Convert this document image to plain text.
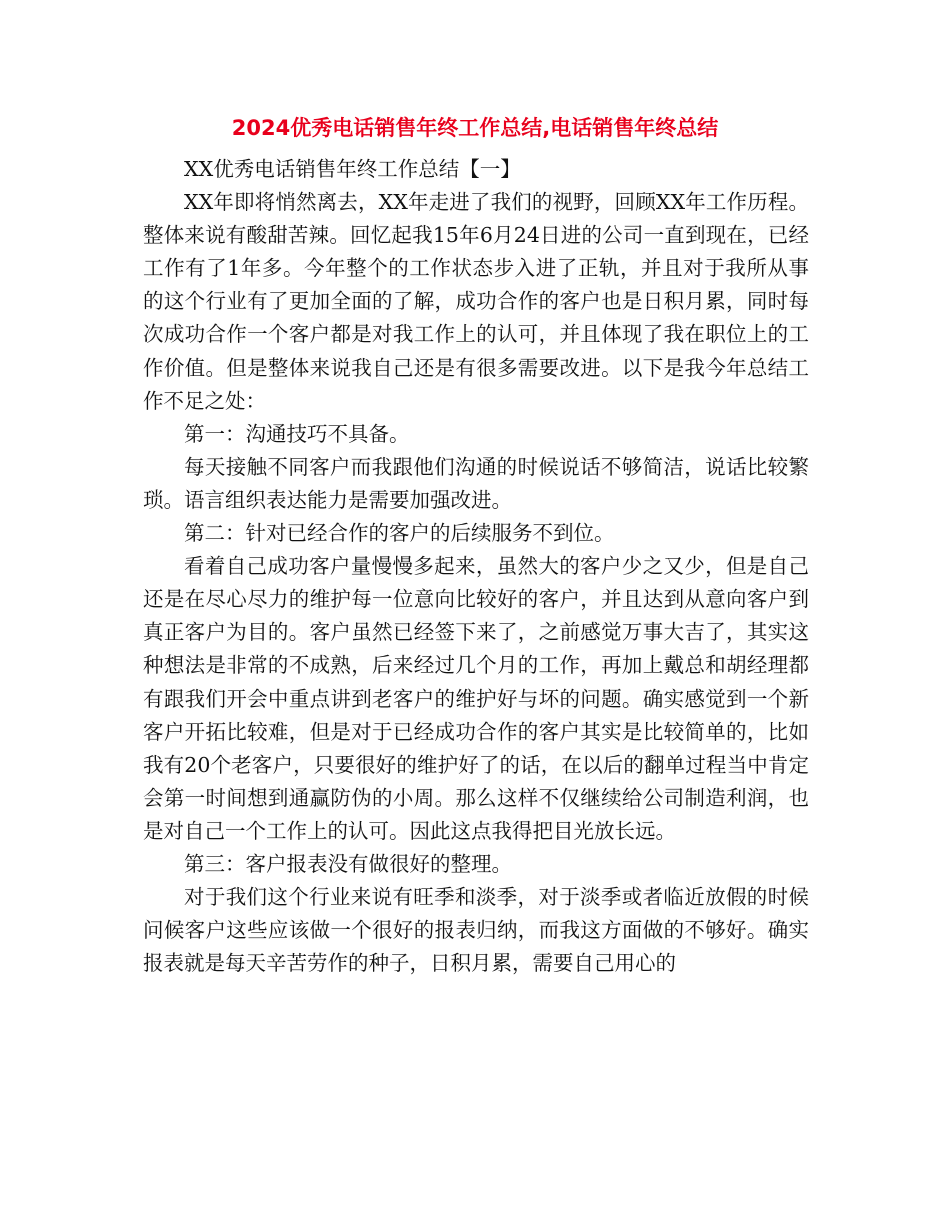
2024优秀电话销售年终工作总结,电话销售年终总结

XX优秀电话销售年终工作总结【一】

XX年即将悄然离去，XX年走进了我们的视野，回顾XX年工作历程。整体来说有酸甜苦辣。回忆起我15年6月24日进的公司一直到现在，已经工作有了1年多。今年整个的工作状态步入进了正轨，并且对于我所从事的这个行业有了更加全面的了解，成功合作的客户也是日积月累，同时每次成功合作一个客户都是对我工作上的认可，并且体现了我在职位上的工作价值。但是整体来说我自己还是有很多需要改进。以下是我今年总结工作不足之处：

第一：沟通技巧不具备。

每天接触不同客户而我跟他们沟通的时候说话不够简洁，说话比较繁琐。语言组织表达能力是需要加强改进。

第二：针对已经合作的客户的后续服务不到位。

看着自己成功客户量慢慢多起来，虽然大的客户少之又少，但是自己还是在尽心尽力的维护每一位意向比较好的客户，并且达到从意向客户到真正客户为目的。客户虽然已经签下来了，之前感觉万事大吉了，其实这种想法是非常的不成熟，后来经过几个月的工作，再加上戴总和胡经理都有跟我们开会中重点讲到老客户的维护好与坏的问题。确实感觉到一个新客户开拓比较难，但是对于已经成功合作的客户其实是比较简单的，比如我有20个老客户，只要很好的维护好了的话，在以后的翻单过程当中肯定会第一时间想到通赢防伪的小周。那么这样不仅继续给公司制造利润，也是对自己一个工作上的认可。因此这点我得把目光放长远。

第三：客户报表没有做很好的整理。

对于我们这个行业来说有旺季和淡季，对于淡季或者临近放假的时候问候客户这些应该做一个很好的报表归纳，而我这方面做的不够好。确实报表就是每天辛苦劳作的种子，日积月累，需要自己用心的
